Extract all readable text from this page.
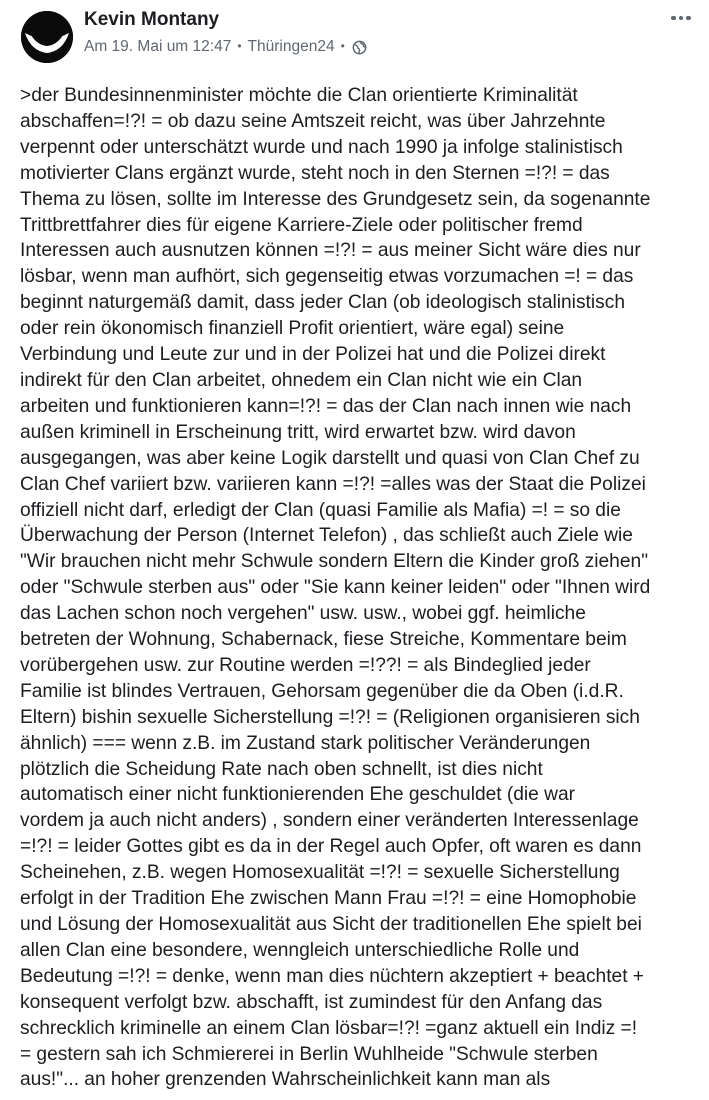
Kevin Montany
Am 19. Mai um 12:47 • Thüringen24 •
>der Bundesinnenminister möchte die Clan orientierte Kriminalität
abschaffen=!?! = ob dazu seine Amtszeit reicht, was über Jahrzehnte
verpennt oder unterschätzt wurde und nach 1990 ja infolge stalinistisch
motivierter Clans ergänzt wurde, steht noch in den Sternen =!?! = das
Thema zu lösen, sollte im Interesse des Grundgesetz sein, da sogenannte
Trittbrettfahrer dies für eigene Karriere-Ziele oder politischer fremd
Interessen auch ausnutzen können =!?! = aus meiner Sicht wäre dies nur
lösbar, wenn man aufhört, sich gegenseitig etwas vorzumachen =! = das
beginnt naturgemäß damit, dass jeder Clan (ob ideologisch stalinistisch
oder rein ökonomisch finanziell Profit orientiert, wäre egal) seine
Verbindung und Leute zur und in der Polizei hat und die Polizei direkt
indirekt für den Clan arbeitet, ohnedem ein Clan nicht wie ein Clan
arbeiten und funktionieren kann=!?! = das der Clan nach innen wie nach
außen kriminell in Erscheinung tritt, wird erwartet bzw. wird davon
ausgegangen, was aber keine Logik darstellt und quasi von Clan Chef zu
Clan Chef variiert bzw. variieren kann =!?! =alles was der Staat die Polizei
offiziell nicht darf, erledigt der Clan (quasi Familie als Mafia) =! = so die
Überwachung der Person (Internet Telefon) , das schließt auch Ziele wie
"Wir brauchen nicht mehr Schwule sondern Eltern die Kinder groß ziehen"
oder "Schwule sterben aus" oder "Sie kann keiner leiden" oder "Ihnen wird
das Lachen schon noch vergehen" usw. usw., wobei ggf. heimliche
betreten der Wohnung, Schabernack, fiese Streiche, Kommentare beim
vorübergehen usw. zur Routine werden =!??! = als Bindeglied jeder
Familie ist blindes Vertrauen, Gehorsam gegenüber die da Oben (i.d.R.
Eltern) bishin sexuelle Sicherstellung =!?! = (Religionen organisieren sich
ähnlich) === wenn z.B. im Zustand stark politischer Veränderungen
plötzlich die Scheidung Rate nach oben schnellt, ist dies nicht
automatisch einer nicht funktionierenden Ehe geschuldet (die war
vordem ja auch nicht anders) , sondern einer veränderten Interessenlage
=!?! = leider Gottes gibt es da in der Regel auch Opfer, oft waren es dann
Scheinehen, z.B. wegen Homosexualität =!?! = sexuelle Sicherstellung
erfolgt in der Tradition Ehe zwischen Mann Frau =!?! = eine Homophobie
und Lösung der Homosexualität aus Sicht der traditionellen Ehe spielt bei
allen Clan eine besondere, wenngleich unterschiedliche Rolle und
Bedeutung =!?! = denke, wenn man dies nüchtern akzeptiert + beachtet +
konsequent verfolgt bzw. abschafft, ist zumindest für den Anfang das
schrecklich kriminelle an einem Clan lösbar=!?! =ganz aktuell ein Indiz =!
= gestern sah ich Schmiererei in Berlin Wuhlheide "Schwule sterben
aus!"... an hoher grenzenden Wahrscheinlichkeit kann man als
